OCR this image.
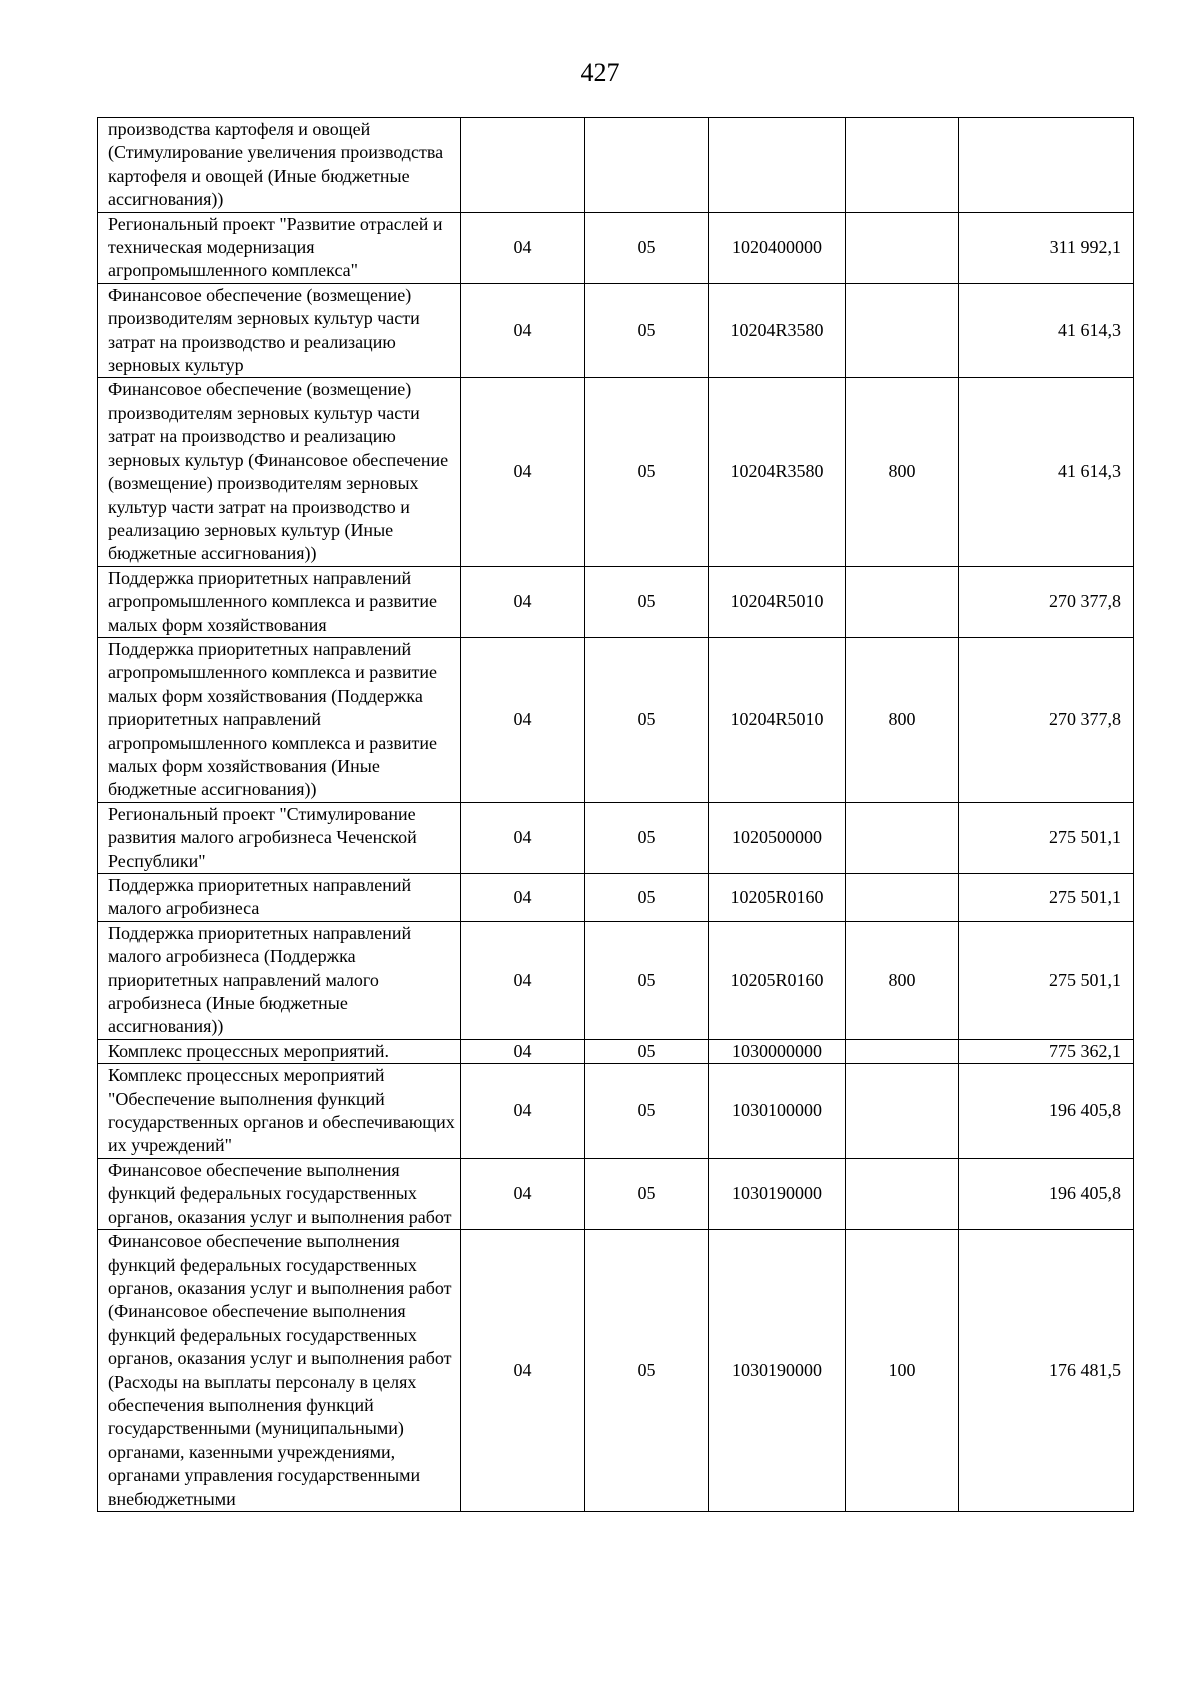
427
производства картофеля и овощей (Стимулирование увеличения производства картофеля и овощей (Иные бюджетные ассигнования))					
Региональный проект "Развитие отраслей и техническая модернизация агропромышленного комплекса"	04	05	1020400000		311 992,1
Финансовое обеспечение (возмещение) производителям зерновых культур части затрат на производство и реализацию зерновых культур	04	05	10204R3580		41 614,3
Финансовое обеспечение (возмещение) производителям зерновых культур части затрат на производство и реализацию зерновых культур (Финансовое обеспечение (возмещение) производителям зерновых культур части затрат на производство и реализацию зерновых культур (Иные бюджетные ассигнования))	04	05	10204R3580	800	41 614,3
Поддержка приоритетных направлений агропромышленного комплекса и развитие малых форм хозяйствования	04	05	10204R5010		270 377,8
Поддержка приоритетных направлений агропромышленного комплекса и развитие малых форм хозяйствования (Поддержка приоритетных направлений агропромышленного комплекса и развитие малых форм хозяйствования (Иные бюджетные ассигнования))	04	05	10204R5010	800	270 377,8
Региональный проект "Стимулирование развития малого агробизнеса Чеченской Республики"	04	05	1020500000		275 501,1
Поддержка приоритетных направлений малого агробизнеса	04	05	10205R0160		275 501,1
Поддержка приоритетных направлений малого агробизнеса (Поддержка приоритетных направлений малого агробизнеса (Иные бюджетные ассигнования))	04	05	10205R0160	800	275 501,1
Комплекс процессных мероприятий.	04	05	1030000000		775 362,1
Комплекс процессных мероприятий "Обеспечение выполнения функций государственных органов и обеспечивающих их учреждений"	04	05	1030100000		196 405,8
Финансовое обеспечение выполнения функций федеральных государственных органов, оказания услуг и выполнения работ	04	05	1030190000		196 405,8
Финансовое обеспечение выполнения функций федеральных государственных органов, оказания услуг и выполнения работ (Финансовое обеспечение выполнения функций федеральных государственных органов, оказания услуг и выполнения работ (Расходы на выплаты персоналу в целях обеспечения выполнения функций государственными (муниципальными) органами, казенными учреждениями, органами управления государственными внебюджетными	04	05	1030190000	100	176 481,5
